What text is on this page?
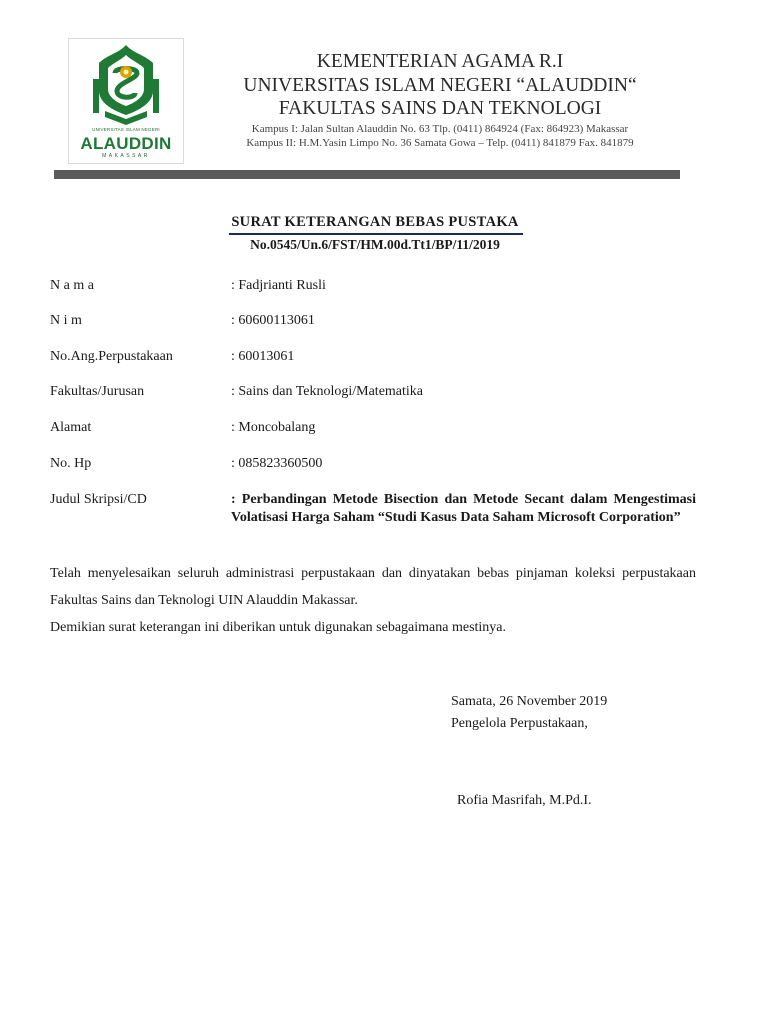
UNIVERSITAS ISLAM NEGERI
ALAUDDIN
MAKASSAR
KEMENTERIAN AGAMA R.I
UNIVERSITAS ISLAM NEGERI “ALAUDDIN“
FAKULTAS SAINS DAN TEKNOLOGI
Kampus I: Jalan Sultan Alauddin No. 63 Tlp. (0411) 864924 (Fax: 864923) Makassar
Kampus II: H.M.Yasin Limpo No. 36 Samata Gowa – Telp. (0411) 841879 Fax. 841879
SURAT KETERANGAN BEBAS PUSTAKA
No.0545/Un.6/FST/HM.00d.Tt1/BP/11/2019
N a m a	: Fadjrianti Rusli
N i m	: 60600113061
No.Ang.Perpustakaan	: 60013061
Fakultas/Jurusan	: Sains dan Teknologi/Matematika
Alamat	: Moncobalang
No. Hp	: 085823360500
Judul Skripsi/CD	: Perbandingan Metode Bisection dan Metode Secant dalam Mengestimasi Volatisasi Harga Saham “Studi Kasus Data Saham Microsoft Corporation”
Telah menyelesaikan seluruh administrasi perpustakaan dan dinyatakan bebas pinjaman koleksi perpustakaan Fakultas Sains dan Teknologi UIN Alauddin Makassar.
Demikian surat keterangan ini diberikan untuk digunakan sebagaimana mestinya.
Samata, 26 November 2019
Pengelola Perpustakaan,
Rofia Masrifah, M.Pd.I.
